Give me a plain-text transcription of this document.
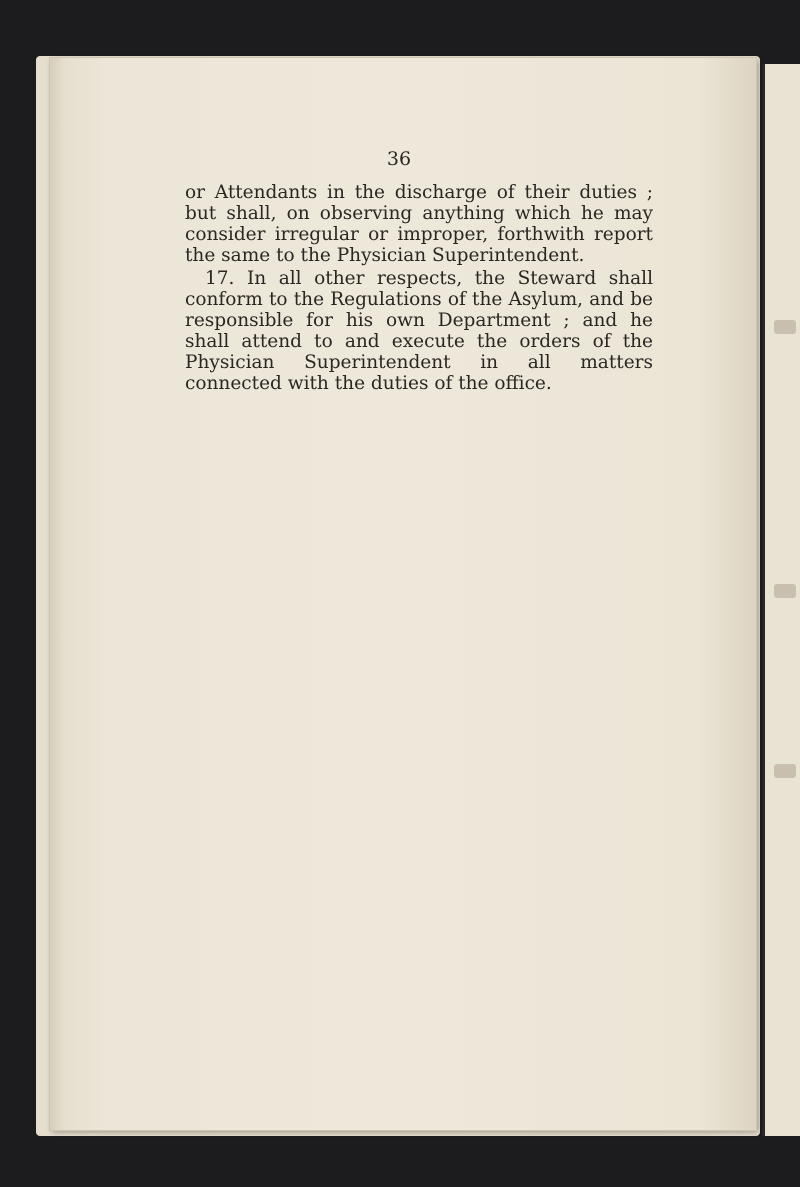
36

or Attendants in the discharge of their duties ; but shall, on observing anything which he may consider irregular or improper, forthwith report the same to the Physician Superintendent.

17. In all other respects, the Steward shall conform to the Regulations of the Asylum, and be responsible for his own Department ; and he shall attend to and execute the orders of the Physician Superintendent in all matters connected with the duties of the office.
